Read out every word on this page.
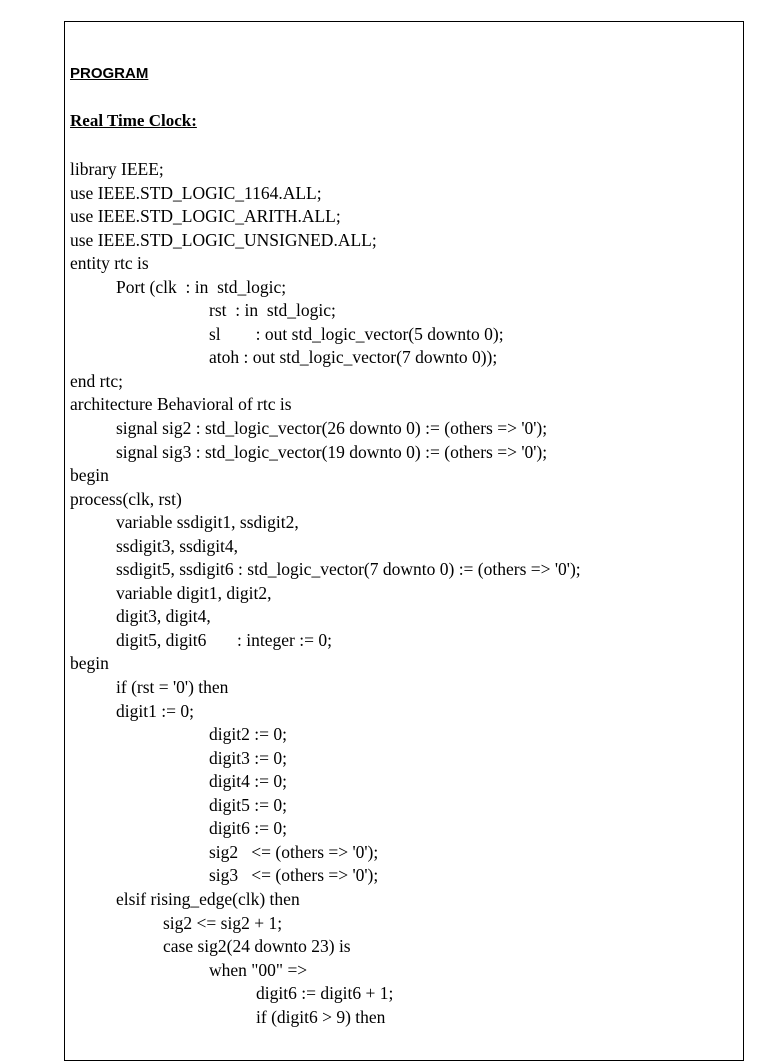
PROGRAM
Real Time Clock:
library IEEE;
use IEEE.STD_LOGIC_1164.ALL;
use IEEE.STD_LOGIC_ARITH.ALL;
use IEEE.STD_LOGIC_UNSIGNED.ALL;
entity rtc is
Port (clk  : in  std_logic;
rst  : in  std_logic;
sl        : out std_logic_vector(5 downto 0);
atoh : out std_logic_vector(7 downto 0));
end rtc;
architecture Behavioral of rtc is
signal sig2 : std_logic_vector(26 downto 0) := (others => '0');
signal sig3 : std_logic_vector(19 downto 0) := (others => '0');
begin
process(clk, rst)
variable ssdigit1, ssdigit2,
ssdigit3, ssdigit4,
ssdigit5, ssdigit6 : std_logic_vector(7 downto 0) := (others => '0');
variable digit1, digit2,
digit3, digit4,
digit5, digit6       : integer := 0;
begin
if (rst = '0') then
digit1 := 0;
digit2 := 0;
digit3 := 0;
digit4 := 0;
digit5 := 0;
digit6 := 0;
sig2   <= (others => '0');
sig3   <= (others => '0');
elsif rising_edge(clk) then
sig2 <= sig2 + 1;
case sig2(24 downto 23) is
when "00" =>
digit6 := digit6 + 1;
if (digit6 > 9) then
